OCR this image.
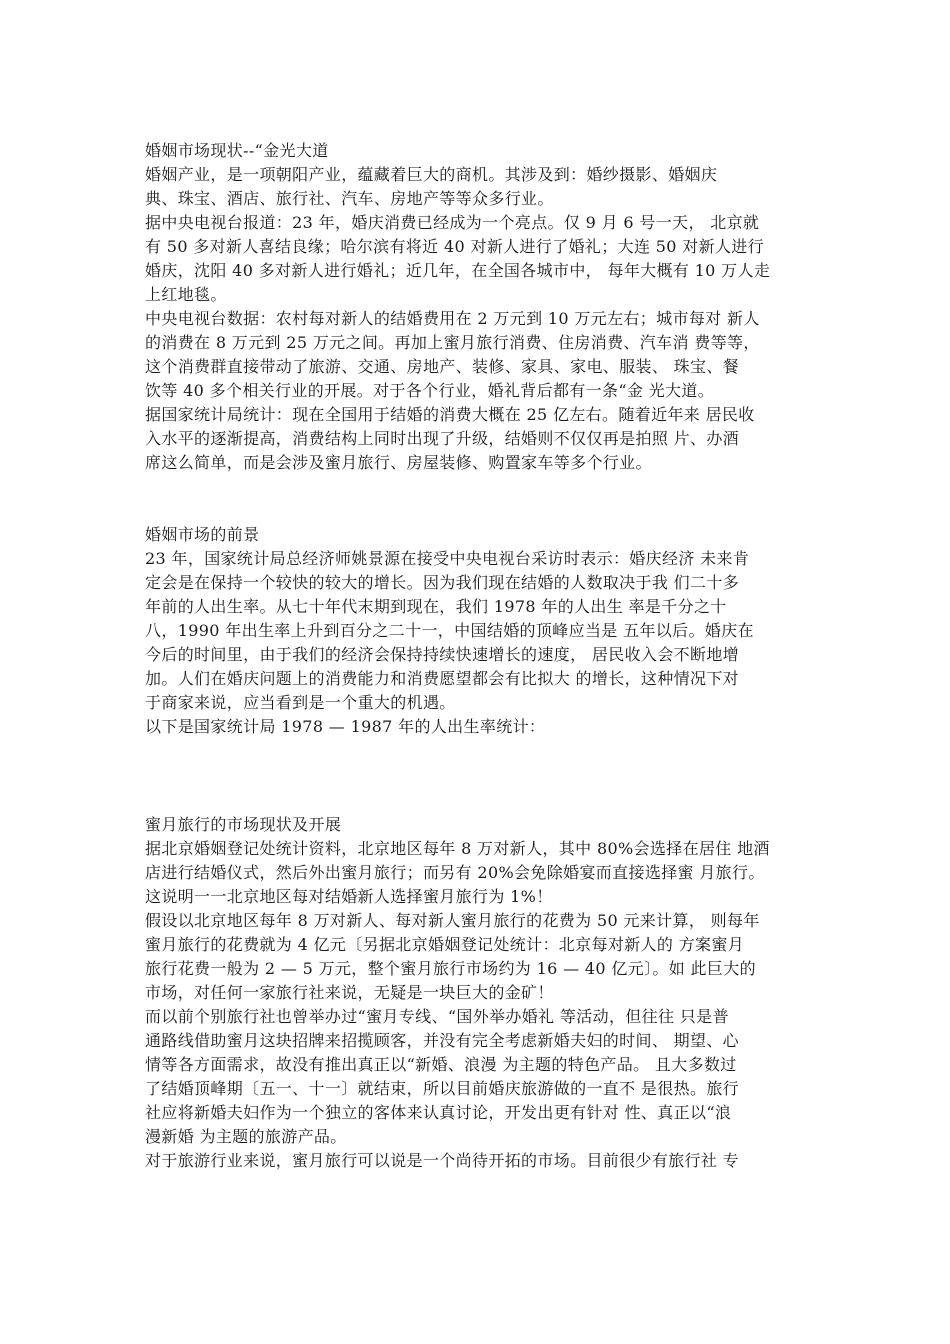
婚姻市场现状--“金光大道
婚姻产业，是一项朝阳产业，蕴藏着巨大的商机。其涉及到：婚纱摄影、婚姻庆
典、珠宝、酒店、旅行社、汽车、房地产等等众多行业。
据中央电视台报道：23 年，婚庆消费已经成为一个亮点。仅 9 月 6 号一天， 北京就
有 50 多对新人喜结良缘；哈尔滨有将近 40 对新人进行了婚礼；大连 50 对新人进行
婚庆，沈阳 40 多对新人进行婚礼；近几年，在全国各城市中， 每年大概有 10 万人走
上红地毯。
中央电视台数据：农村每对新人的结婚费用在 2 万元到 10 万元左右；城市每对 新人
的消费在 8 万元到 25 万元之间。再加上蜜月旅行消费、住房消费、汽车消 费等等，
这个消费群直接带动了旅游、交通、房地产、装修、家具、家电、服装、 珠宝、餐
饮等 40 多个相关行业的开展。对于各个行业，婚礼背后都有一条“金 光大道。
据国家统计局统计：现在全国用于结婚的消费大概在 25 亿左右。随着近年来 居民收
入水平的逐渐提高，消费结构上同时出现了升级，结婚则不仅仅再是拍照 片、办酒
席这么简单，而是会涉及蜜月旅行、房屋装修、购置家车等多个行业。
婚姻市场的前景
23 年，国家统计局总经济师姚景源在接受中央电视台采访时表示：婚庆经济 未来肯
定会是在保持一个较快的较大的增长。因为我们现在结婚的人数取决于我 们二十多
年前的人出生率。从七十年代末期到现在，我们 1978 年的人出生 率是千分之十
八，1990 年出生率上升到百分之二十一，中国结婚的顶峰应当是 五年以后。婚庆在
今后的时间里，由于我们的经济会保持持续快速增长的速度， 居民收入会不断地增
加。人们在婚庆问题上的消费能力和消费愿望都会有比拟大 的增长，这种情况下对
于商家来说，应当看到是一个重大的机遇。
以下是国家统计局 1978 — 1987 年的人出生率统计：
蜜月旅行的市场现状及开展
据北京婚姻登记处统计资料，北京地区每年 8 万对新人，其中 80%会选择在居住 地酒
店进行结婚仪式，然后外出蜜月旅行；而另有 20%会免除婚宴而直接选择蜜 月旅行。
这说明一一北京地区每对结婚新人选择蜜月旅行为 1%！
假设以北京地区每年 8 万对新人、每对新人蜜月旅行的花费为 50 元来计算， 则每年
蜜月旅行的花费就为 4 亿元〔另据北京婚姻登记处统计：北京每对新人的 方案蜜月
旅行花费一般为 2 — 5 万元，整个蜜月旅行市场约为 16 — 40 亿元〕。如 此巨大的
市场，对任何一家旅行社来说，无疑是一块巨大的金矿！
而以前个别旅行社也曾举办过“蜜月专线、“国外举办婚礼 等活动，但往往 只是普
通路线借助蜜月这块招牌来招揽顾客，并没有完全考虑新婚夫妇的时间、 期望、心
情等各方面需求，故没有推出真正以“新婚、浪漫 为主题的特色产品。 且大多数过
了结婚顶峰期〔五一、十一〕就结束，所以目前婚庆旅游做的一直不 是很热。旅行
社应将新婚夫妇作为一个独立的客体来认真讨论，开发出更有针对 性、真正以“浪
漫新婚 为主题的旅游产品。
对于旅游行业来说，蜜月旅行可以说是一个尚待开拓的市场。目前很少有旅行社 专
